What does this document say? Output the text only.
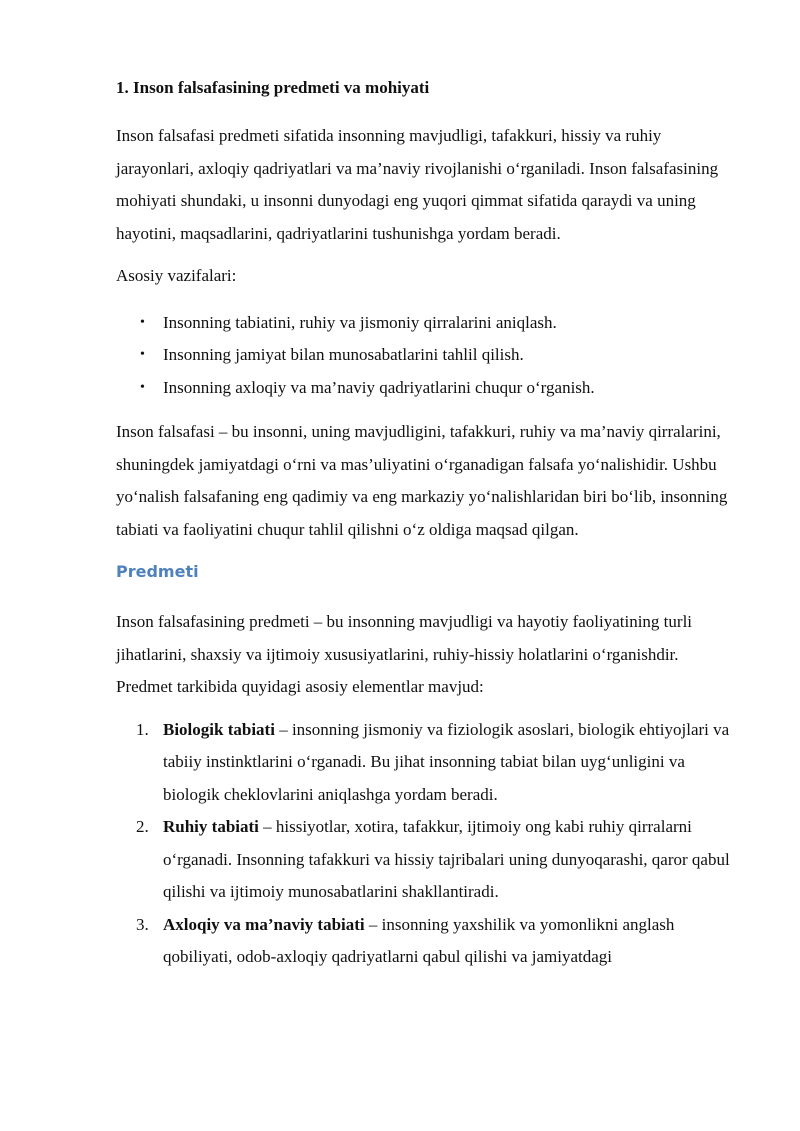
1. Inson falsafasining predmeti va mohiyati

Inson falsafasi predmeti sifatida insonning mavjudligi, tafakkuri, hissiy va ruhiy jarayonlari, axloqiy qadriyatlari va ma’naviy rivojlanishi o‘rganiladi. Inson falsafasining mohiyati shundaki, u insonni dunyodagi eng yuqori qimmat sifatida qaraydi va uning hayotini, maqsadlarini, qadriyatlarini tushunishga yordam beradi.

Asosiy vazifalari:

• Insonning tabiatini, ruhiy va jismoniy qirralarini aniqlash.
• Insonning jamiyat bilan munosabatlarini tahlil qilish.
• Insonning axloqiy va ma’naviy qadriyatlarini chuqur o‘rganish.

Inson falsafasi – bu insonni, uning mavjudligini, tafakkuri, ruhiy va ma’naviy qirralarini, shuningdek jamiyatdagi o‘rni va mas’uliyatini o‘rganadigan falsafa yo‘nalishidir. Ushbu yo‘nalish falsafaning eng qadimiy va eng markaziy yo‘nalishlaridan biri bo‘lib, insonning tabiati va faoliyatini chuqur tahlil qilishni o‘z oldiga maqsad qilgan.

Predmeti

Inson falsafasining predmeti – bu insonning mavjudligi va hayotiy faoliyatining turli jihatlarini, shaxsiy va ijtimoiy xususiyatlarini, ruhiy-hissiy holatlarini o‘rganishdir. Predmet tarkibida quyidagi asosiy elementlar mavjud:

1. Biologik tabiati – insonning jismoniy va fiziologik asoslari, biologik ehtiyojlari va tabiiy instinktlarini o‘rganadi. Bu jihat insonning tabiat bilan uyg‘unligini va biologik cheklovlarini aniqlashga yordam beradi.
2. Ruhiy tabiati – hissiyotlar, xotira, tafakkur, ijtimoiy ong kabi ruhiy qirralarni o‘rganadi. Insonning tafakkuri va hissiy tajribalari uning dunyoqarashi, qaror qabul qilishi va ijtimoiy munosabatlarini shakllantiradi.
3. Axloqiy va ma’naviy tabiati – insonning yaxshilik va yomonlikni anglash qobiliyati, odob-axloqiy qadriyatlarni qabul qilishi va jamiyatdagi
